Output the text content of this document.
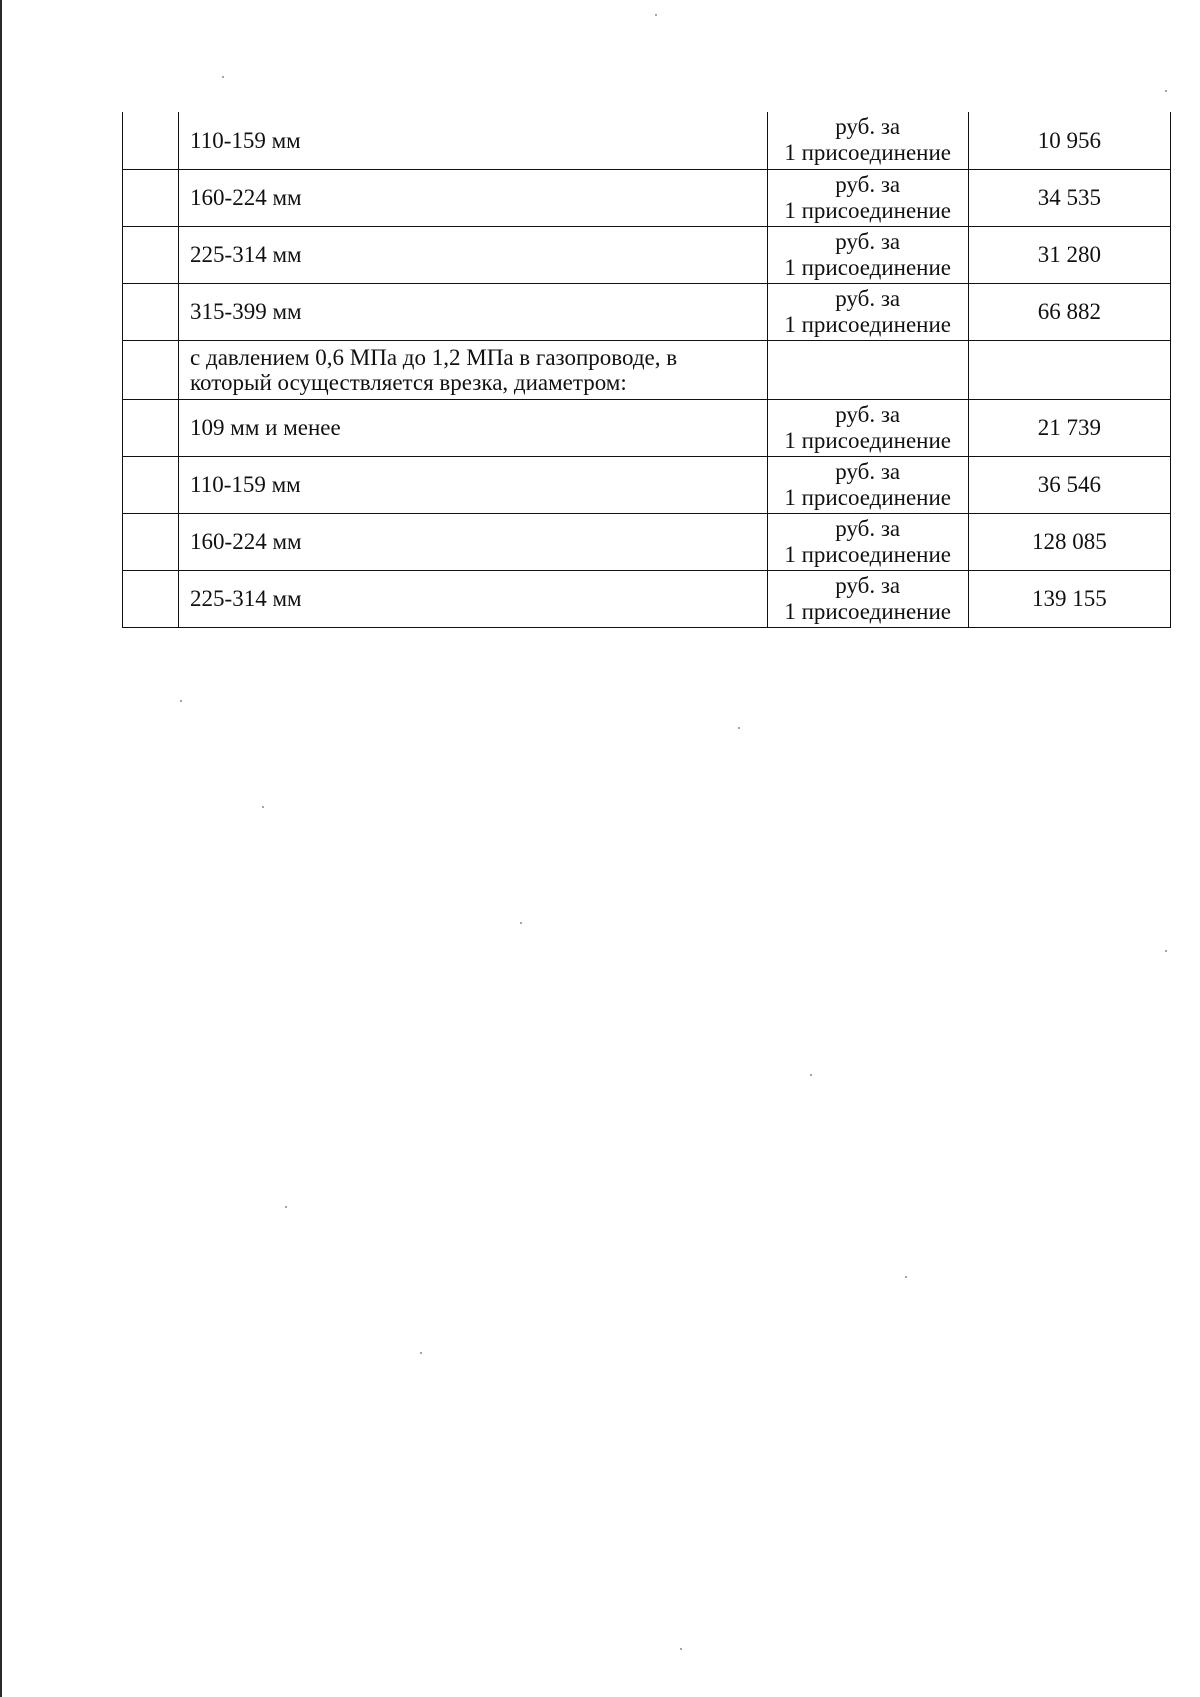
	110-159 мм	руб. за
1 присоединение	10 956
	160-224 мм	руб. за
1 присоединение	34 535
	225-314 мм	руб. за
1 присоединение	31 280
	315-399 мм	руб. за
1 присоединение	66 882
	с давлением 0,6 МПа до 1,2 МПа в газопроводе, в который осуществляется врезка, диаметром:		
	109 мм и менее	руб. за
1 присоединение	21 739
	110-159 мм	руб. за
1 присоединение	36 546
	160-224 мм	руб. за
1 присоединение	128 085
	225-314 мм	руб. за
1 присоединение	139 155
